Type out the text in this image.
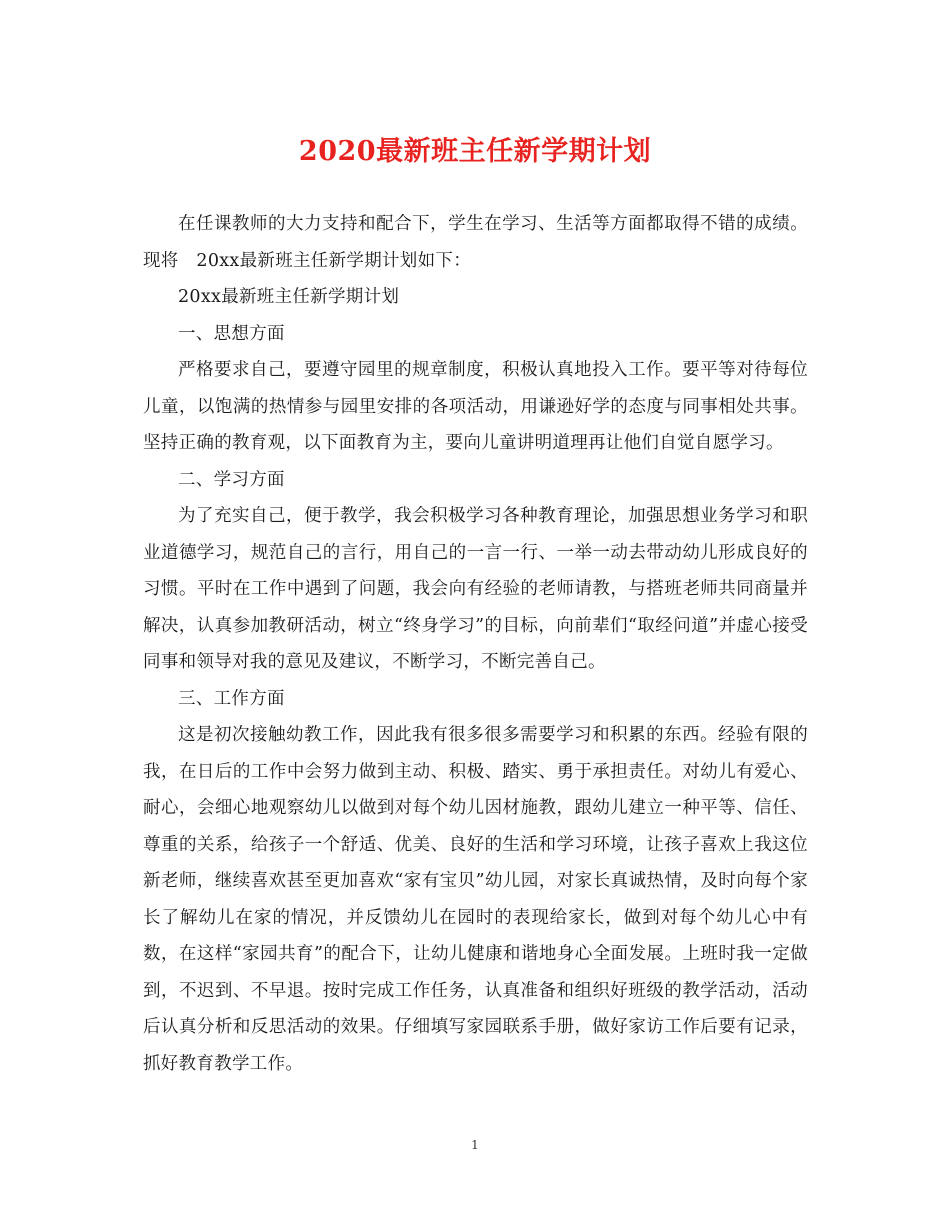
2020最新班主任新学期计划

在任课教师的大力支持和配合下，学生在学习、生活等方面都取得不错的成绩。现将　20xx最新班主任新学期计划如下：

20xx最新班主任新学期计划

一、思想方面

严格要求自己，要遵守园里的规章制度，积极认真地投入工作。要平等对待每位儿童，以饱满的热情参与园里安排的各项活动，用谦逊好学的态度与同事相处共事。坚持正确的教育观，以下面教育为主，要向儿童讲明道理再让他们自觉自愿学习。

二、学习方面

为了充实自己，便于教学，我会积极学习各种教育理论，加强思想业务学习和职业道德学习，规范自己的言行，用自己的一言一行、一举一动去带动幼儿形成良好的习惯。平时在工作中遇到了问题，我会向有经验的老师请教，与搭班老师共同商量并解决，认真参加教研活动，树立“终身学习”的目标，向前辈们“取经问道”并虚心接受同事和领导对我的意见及建议，不断学习，不断完善自己。

三、工作方面

这是初次接触幼教工作，因此我有很多很多需要学习和积累的东西。经验有限的我，在日后的工作中会努力做到主动、积极、踏实、勇于承担责任。对幼儿有爱心、耐心，会细心地观察幼儿以做到对每个幼儿因材施教，跟幼儿建立一种平等、信任、尊重的关系，给孩子一个舒适、优美、良好的生活和学习环境，让孩子喜欢上我这位新老师，继续喜欢甚至更加喜欢“家有宝贝”幼儿园，对家长真诚热情，及时向每个家长了解幼儿在家的情况，并反馈幼儿在园时的表现给家长，做到对每个幼儿心中有数，在这样“家园共育”的配合下，让幼儿健康和谐地身心全面发展。上班时我一定做到，不迟到、不早退。按时完成工作任务，认真准备和组织好班级的教学活动，活动后认真分析和反思活动的效果。仔细填写家园联系手册，做好家访工作后要有记录，抓好教育教学工作。

1
